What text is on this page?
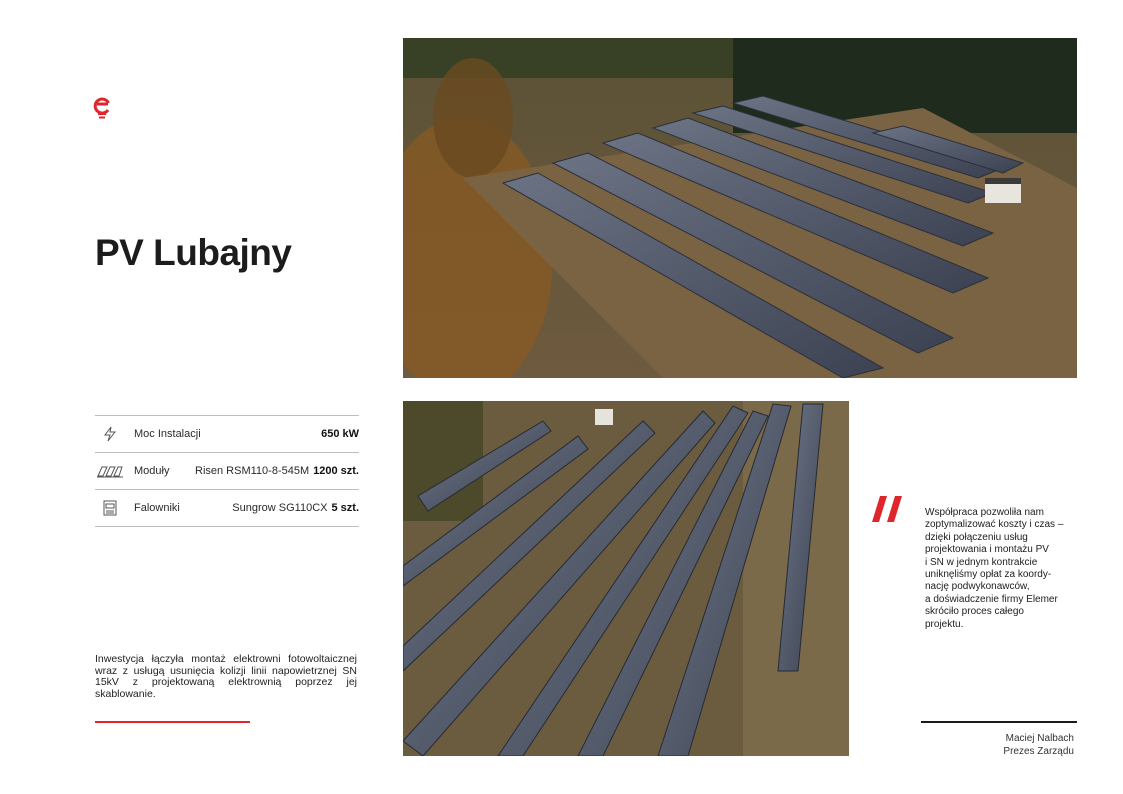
PV Lubajny
Moc Instalacji	650 kW
Moduły	Risen RSM110-8-545M 1200 szt.
Falowniki	Sungrow SG110CX 5 szt.
Inwestycja łączyła montaż elektrowni fotowoltaicznej wraz z usługą usunięcia kolizji linii napowietrznej SN 15kV z projektowaną elektrownią poprzez jej skablowanie.
Współpraca pozwoliła nam
zoptymalizować koszty i czas –
dzięki połączeniu usług
projektowania i montażu PV
i SN w jednym kontrakcie
uniknęliśmy opłat za koordy-
nację podwykonawców,
a doświadczenie firmy Elemer
skróciło proces całego
projektu.
Maciej Nalbach
Prezes Zarządu
